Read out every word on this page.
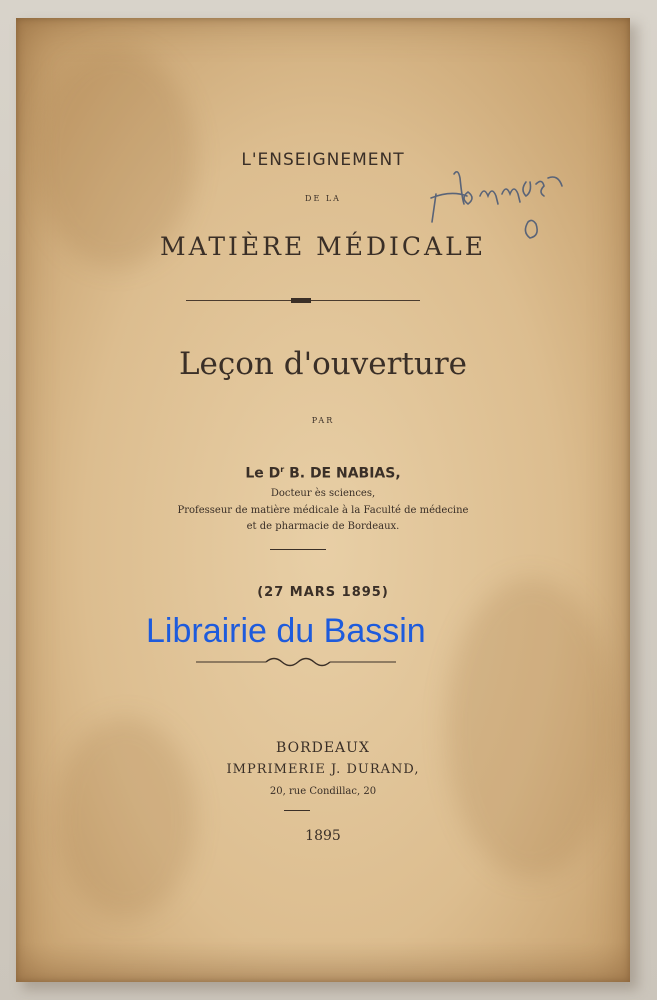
L'ENSEIGNEMENT
DE LA
MATIÈRE MÉDICALE
Leçon d'ouverture
PAR
Le $D^r$ B. DE NABIAS,
Docteur ès sciences,
Professeur de matière médicale à la Faculté de médecine
et de pharmacie de Bordeaux.
(27 MARS 1895)
BORDEAUX
IMPRIMERIE J. DURAND,
20, rue Condillac, 20
1895
Librairie du Bassin
